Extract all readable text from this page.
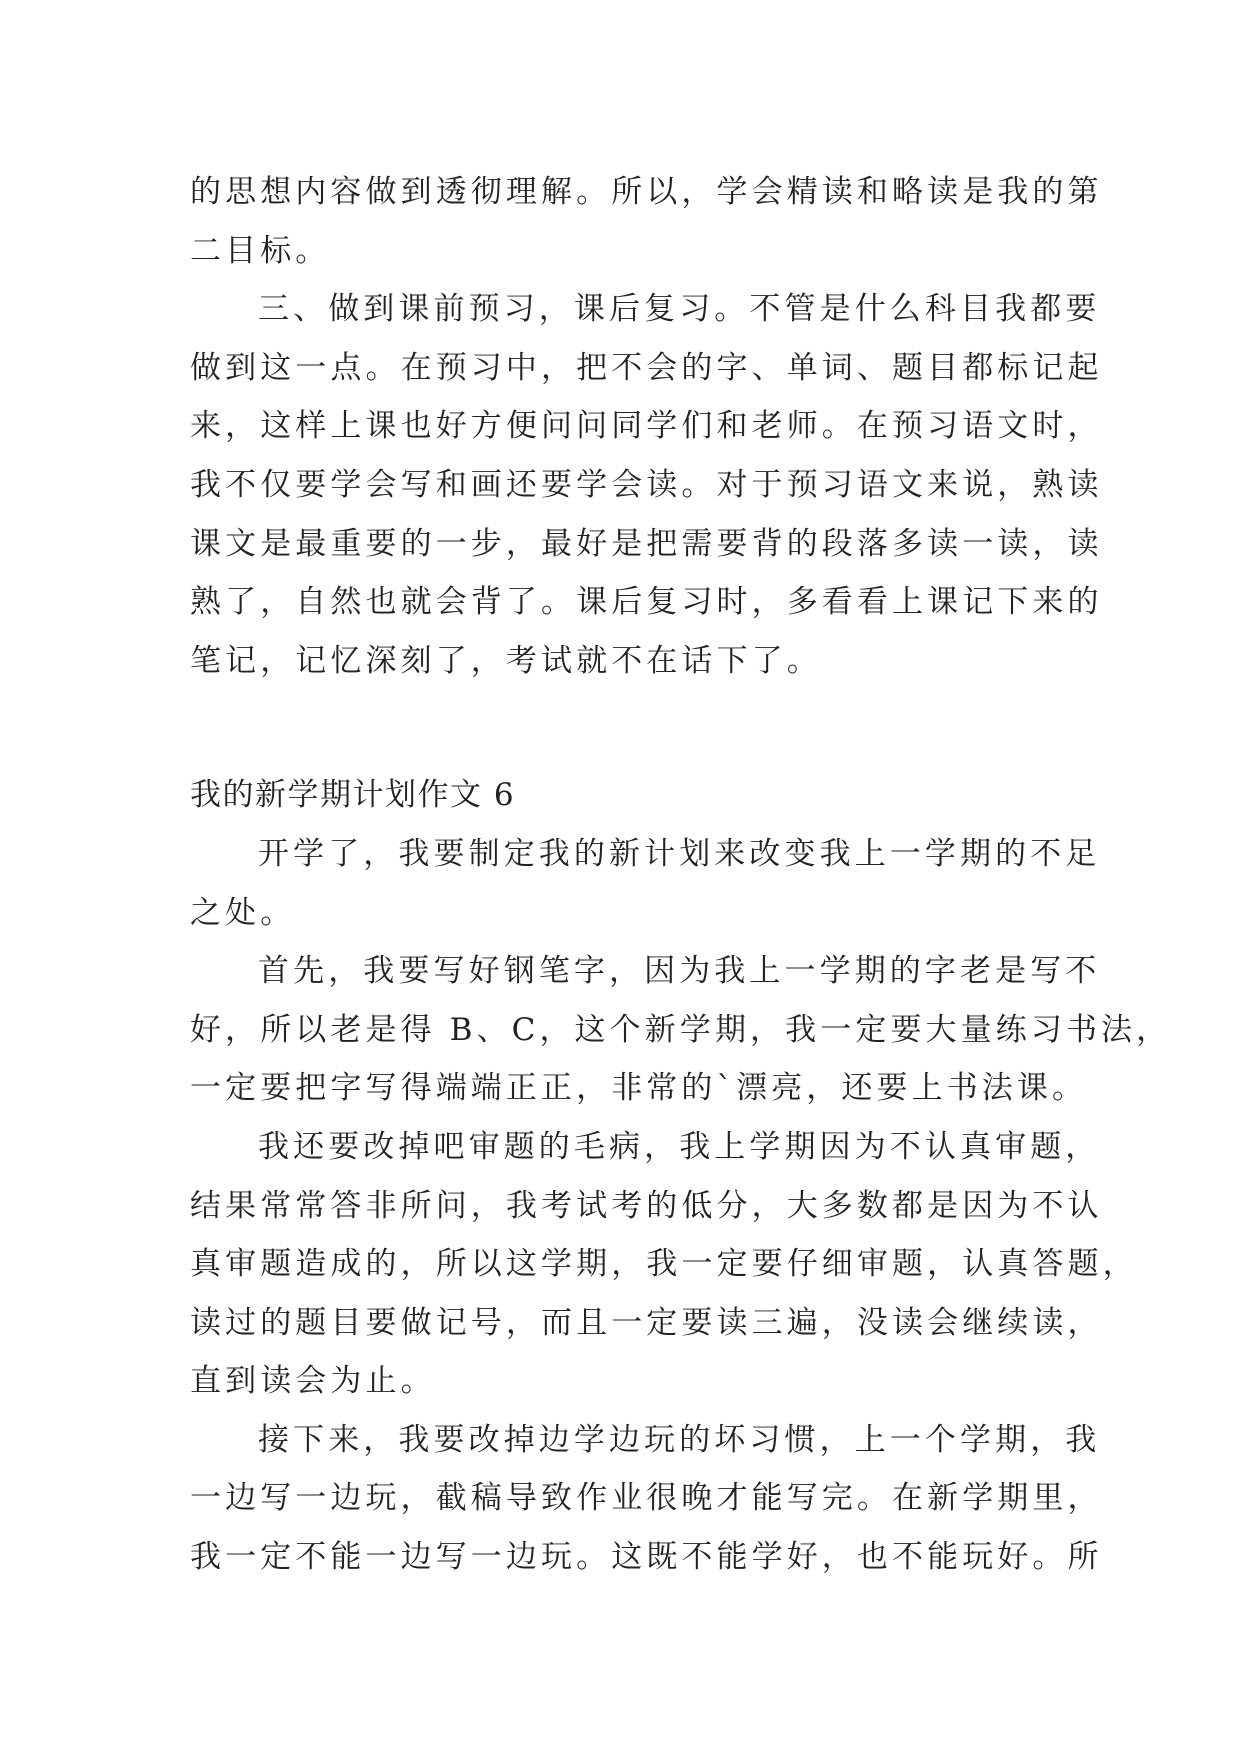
的思想内容做到透彻理解。所以，学会精读和略读是我的第
二目标。
三、做到课前预习，课后复习。不管是什么科目我都要
做到这一点。在预习中，把不会的字、单词、题目都标记起
来，这样上课也好方便问问同学们和老师。在预习语文时，
我不仅要学会写和画还要学会读。对于预习语文来说，熟读
课文是最重要的一步，最好是把需要背的段落多读一读，读
熟了，自然也就会背了。课后复习时，多看看上课记下来的
笔记，记忆深刻了，考试就不在话下了。
我的新学期计划作文 6
开学了，我要制定我的新计划来改变我上一学期的不足
之处。
首先，我要写好钢笔字，因为我上一学期的字老是写不
好，所以老是得 B、C，这个新学期，我一定要大量练习书法，
一定要把字写得端端正正，非常的`漂亮，还要上书法课。
我还要改掉吧审题的毛病，我上学期因为不认真审题，
结果常常答非所问，我考试考的低分，大多数都是因为不认
真审题造成的，所以这学期，我一定要仔细审题，认真答题，
读过的题目要做记号，而且一定要读三遍，没读会继续读，
直到读会为止。
接下来，我要改掉边学边玩的坏习惯，上一个学期，我
一边写一边玩，截稿导致作业很晚才能写完。在新学期里，
我一定不能一边写一边玩。这既不能学好，也不能玩好。所
